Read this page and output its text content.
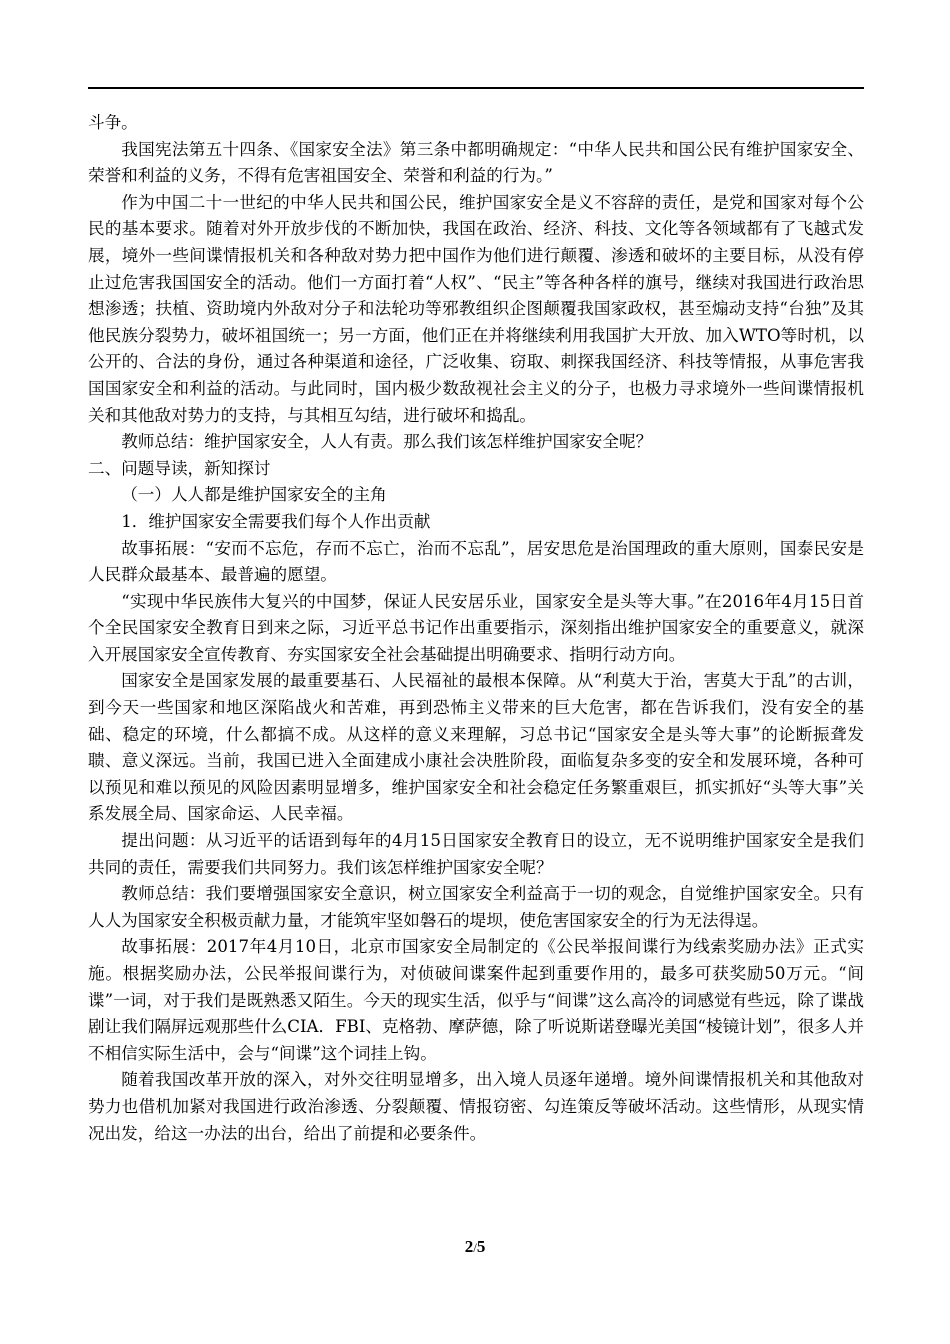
斗争。

我国宪法第五十四条、《国家安全法》第三条中都明确规定：“中华人民共和国公民有维护国家安全、荣誉和利益的义务，不得有危害祖国安全、荣誉和利益的行为。”

作为中国二十一世纪的中华人民共和国公民，维护国家安全是义不容辞的责任，是党和国家对每个公民的基本要求。随着对外开放步伐的不断加快，我国在政治、经济、科技、文化等各领域都有了飞越式发展，境外一些间谍情报机关和各种敌对势力把中国作为他们进行颠覆、渗透和破坏的主要目标，从没有停止过危害我国国安全的活动。他们一方面打着“人权”、“民主”等各种各样的旗号，继续对我国进行政治思想渗透；扶植、资助境内外敌对分子和法轮功等邪教组织企图颠覆我国家政权，甚至煽动支持“台独”及其他民族分裂势力，破坏祖国统一；另一方面，他们正在并将继续利用我国扩大开放、加入WTO等时机，以公开的、合法的身份，通过各种渠道和途径，广泛收集、窃取、刺探我国经济、科技等情报，从事危害我国国家安全和利益的活动。与此同时，国内极少数敌视社会主义的分子，也极力寻求境外一些间谍情报机关和其他敌对势力的支持，与其相互勾结，进行破坏和捣乱。

教师总结：维护国家安全，人人有责。那么我们该怎样维护国家安全呢？

二、问题导读，新知探讨

（一）人人都是维护国家安全的主角

1．维护国家安全需要我们每个人作出贡献

故事拓展：“安而不忘危，存而不忘亡，治而不忘乱”，居安思危是治国理政的重大原则，国泰民安是人民群众最基本、最普遍的愿望。

“实现中华民族伟大复兴的中国梦，保证人民安居乐业，国家安全是头等大事。”在2016年4月15日首个全民国家安全教育日到来之际，习近平总书记作出重要指示，深刻指出维护国家安全的重要意义，就深入开展国家安全宣传教育、夯实国家安全社会基础提出明确要求、指明行动方向。

国家安全是国家发展的最重要基石、人民福祉的最根本保障。从“利莫大于治，害莫大于乱”的古训，到今天一些国家和地区深陷战火和苦难，再到恐怖主义带来的巨大危害，都在告诉我们，没有安全的基础、稳定的环境，什么都搞不成。从这样的意义来理解，习总书记“国家安全是头等大事”的论断振聋发聩、意义深远。当前，我国已进入全面建成小康社会决胜阶段，面临复杂多变的安全和发展环境，各种可以预见和难以预见的风险因素明显增多，维护国家安全和社会稳定任务繁重艰巨，抓实抓好“头等大事”关系发展全局、国家命运、人民幸福。

提出问题：从习近平的话语到每年的4月15日国家安全教育日的设立，无不说明维护国家安全是我们共同的责任，需要我们共同努力。我们该怎样维护国家安全呢？

教师总结：我们要增强国家安全意识，树立国家安全利益高于一切的观念，自觉维护国家安全。只有人人为国家安全积极贡献力量，才能筑牢坚如磐石的堤坝，使危害国家安全的行为无法得逞。

故事拓展：2017年4月10日，北京市国家安全局制定的《公民举报间谍行为线索奖励办法》正式实施。根据奖励办法，公民举报间谍行为，对侦破间谍案件起到重要作用的，最多可获奖励50万元。“间谍”一词，对于我们是既熟悉又陌生。今天的现实生活，似乎与“间谍”这么高冷的词感觉有些远，除了谍战剧让我们隔屏远观那些什么CIA．FBI、克格勃、摩萨德，除了听说斯诺登曝光美国“棱镜计划”，很多人并不相信实际生活中，会与“间谍”这个词挂上钩。

随着我国改革开放的深入，对外交往明显增多，出入境人员逐年递增。境外间谍情报机关和其他敌对势力也借机加紧对我国进行政治渗透、分裂颠覆、情报窃密、勾连策反等破坏活动。这些情形，从现实情况出发，给这一办法的出台，给出了前提和必要条件。

2/5
